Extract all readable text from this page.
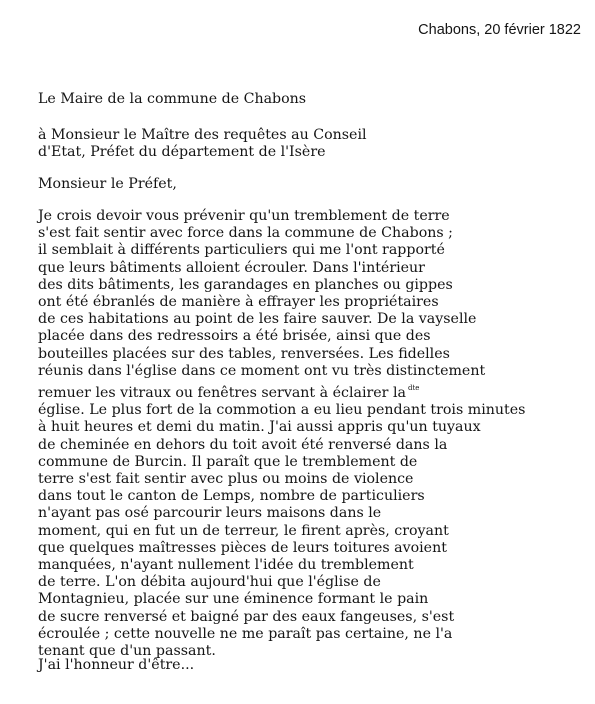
Chabons, 20 février 1822
Le Maire de la commune de Chabons
à Monsieur le Maître des requêtes au Conseil
d'Etat, Préfet du département de l'Isère
Monsieur le Préfet,
Je crois devoir vous prévenir qu'un tremblement de terre
s'est fait sentir avec force dans la commune de Chabons ;
il semblait à différents particuliers qui me l'ont rapporté
que leurs bâtiments alloient écrouler. Dans l'intérieur
des dits bâtiments, les garandages en planches ou gippes
ont été ébranlés de manière à effrayer les propriétaires
de ces habitations au point de les faire sauver. De la vayselle
placée dans des redressoirs a été brisée, ainsi que des
bouteilles placées sur des tables, renversées. Les fidelles
réunis dans l'église dans ce moment ont vu très distinctement
remuer les vitraux ou fenêtres servant à éclairer la $^{dte}$
église. Le plus fort de la commotion a eu lieu pendant trois minutes
à huit heures et demi du matin. J'ai aussi appris qu'un tuyaux
de cheminée en dehors du toit avoit été renversé dans la
commune de Burcin. Il paraît que le tremblement de
terre s'est fait sentir avec plus ou moins de violence
dans tout le canton de Lemps, nombre de particuliers
n'ayant pas osé parcourir leurs maisons dans le
moment, qui en fut un de terreur, le firent après, croyant
que quelques maîtresses pièces de leurs toitures avoient
manquées, n'ayant nullement l'idée du tremblement
de terre. L'on débita aujourd'hui que l'église de
Montagnieu, placée sur une éminence formant le pain
de sucre renversé et baigné par des eaux fangeuses, s'est
écroulée ; cette nouvelle ne me paraît pas certaine, ne l'a
tenant que d'un passant.
J'ai l'honneur d'être...
